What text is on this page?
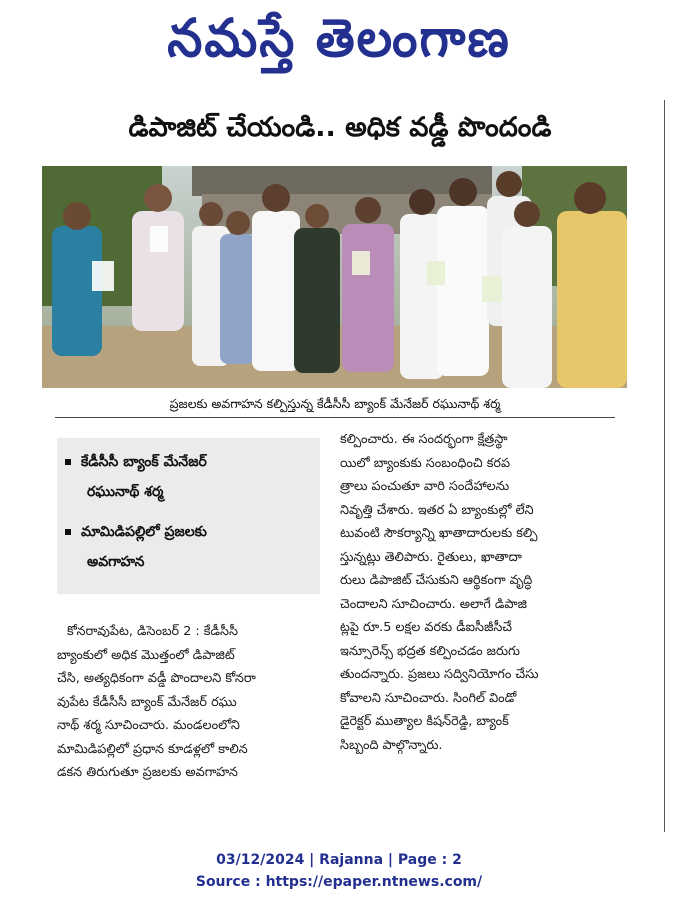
నమస్తే తెలంగాణ
డిపాజిట్ చేయండి.. అధిక వడ్డీ పొందండి
ప్రజలకు అవగాహన కల్పిస్తున్న కేడీసీసీ బ్యాంక్ మేనేజర్ రఘునాథ్ శర్మ
కేడీసీసీ బ్యాంక్ మేనేజర్
రఘునాథ్ శర్మ
మామిడిపల్లిలో ప్రజలకు
అవగాహన
కోనరావుపేట, డిసెంబర్ 2 : కేడీసీసీ
బ్యాంకులో అధిక మొత్తంలో డిపాజిట్
చేసి, అత్యధికంగా వడ్డీ పొందాలని కోనరా
వుపేట కేడీసీసీ బ్యాంక్ మేనేజర్ రఘు
నాథ్ శర్మ సూచించారు. మండలంలోని
మామిడిపల్లిలో ప్రధాన కూడళ్లలో కాలిన
డకన తిరుగుతూ ప్రజలకు అవగాహన
కల్పించారు. ఈ సందర్భంగా క్షేత్రస్థా
యిలో బ్యాంకుకు సంబంధించి కరప
త్రాలు పంచుతూ వారి సందేహాలను
నివృత్తి చేశారు. ఇతర ఏ బ్యాంకుల్లో లేని
టువంటి సౌకర్యాన్ని ఖాతాదారులకు కల్పి
స్తున్నట్లు తెలిపారు. రైతులు, ఖాతాదా
రులు డిపాజిట్ చేసుకుని ఆర్థికంగా వృద్ధి
చెందాలని సూచించారు. అలాగే డిపాజి
ట్లపై రూ.5 లక్షల వరకు డీఐసీజీసీచే
ఇన్సూరెన్స్ భద్రత కల్పించడం జరుగు
తుందన్నారు. ప్రజలు సద్వినియోగం చేసు
కోవాలని సూచించారు. సింగిల్ విండో
డైరెక్టర్ ముత్యాల కిషన్‌రెడ్డి, బ్యాంక్
సిబ్బంది పాల్గొన్నారు.
03/12/2024 | Rajanna | Page : 2
Source : https://epaper.ntnews.com/
